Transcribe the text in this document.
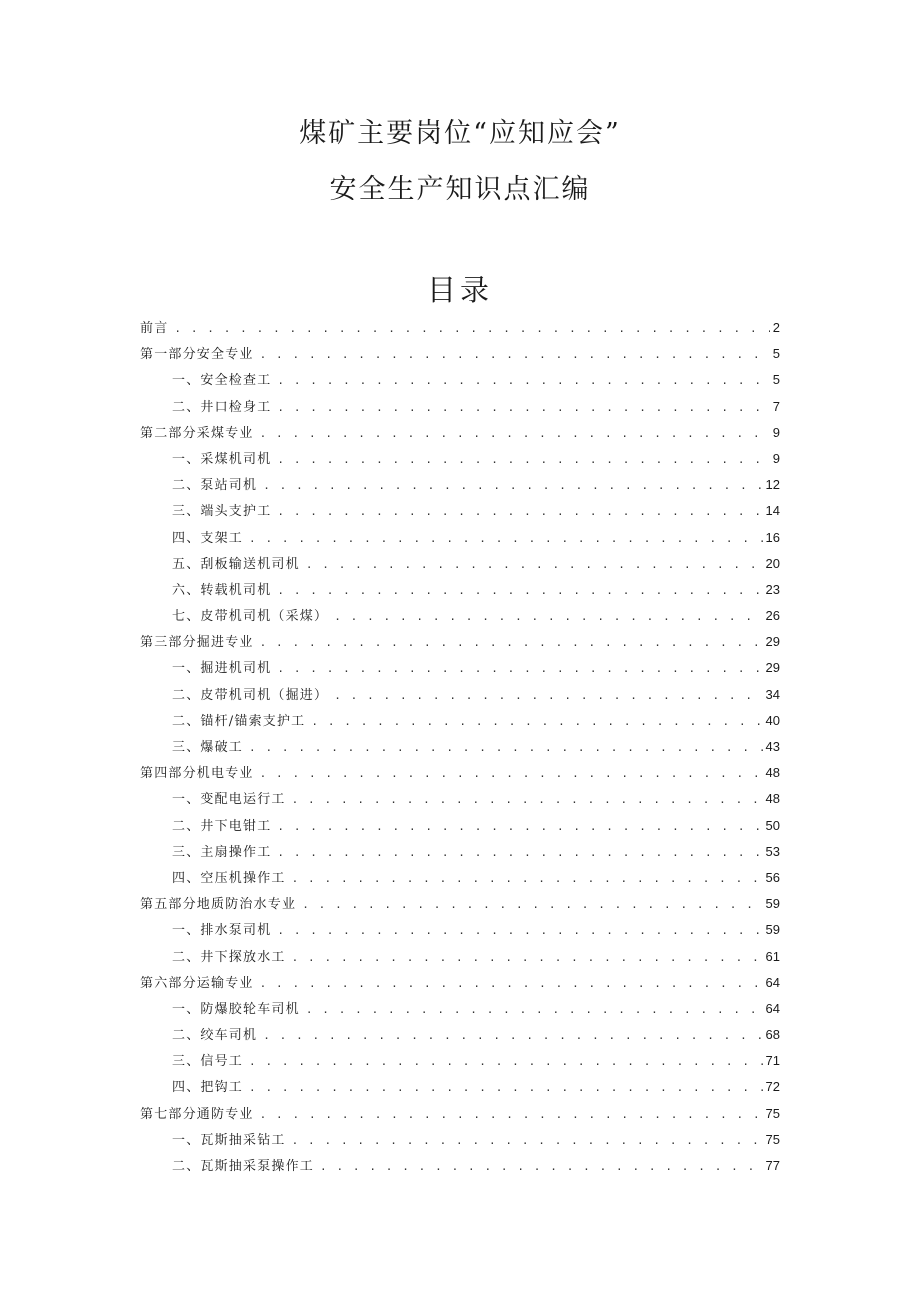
煤矿主要岗位“应知应会”
安全生产知识点汇编
目录
前言 . . .	2
第一部分安全专业 . . .	5
一、安全检查工 . . .	5
二、井口检身工 . . .	7
第二部分采煤专业 . . .	9
一、采煤机司机 . . .	9
二、泵站司机 . . .	12
三、端头支护工 . . .	14
四、支架工 . . .	16
五、刮板输送机司机 . . .	20
六、转载机司机 . . .	23
七、皮带机司机（采煤） . . .	26
第三部分掘进专业 . . .	29
一、掘进机司机 . . .	29
二、皮带机司机（掘进） . . .	34
二、锚杆/锚索支护工 . . .	40
三、爆破工 . . .	43
第四部分机电专业 . . .	48
一、变配电运行工 . . .	48
二、井下电钳工 . . .	50
三、主扇操作工 . . .	53
四、空压机操作工 . . .	56
第五部分地质防治水专业 . . .	59
一、排水泵司机 . . .	59
二、井下探放水工 . . .	61
第六部分运输专业 . . .	64
一、防爆胶轮车司机 . . .	64
二、绞车司机 . . .	68
三、信号工 . . .	71
四、把钩工 . . .	72
第七部分通防专业 . . .	75
一、瓦斯抽采钻工 . . .	75
二、瓦斯抽采泵操作工 . . .	77
